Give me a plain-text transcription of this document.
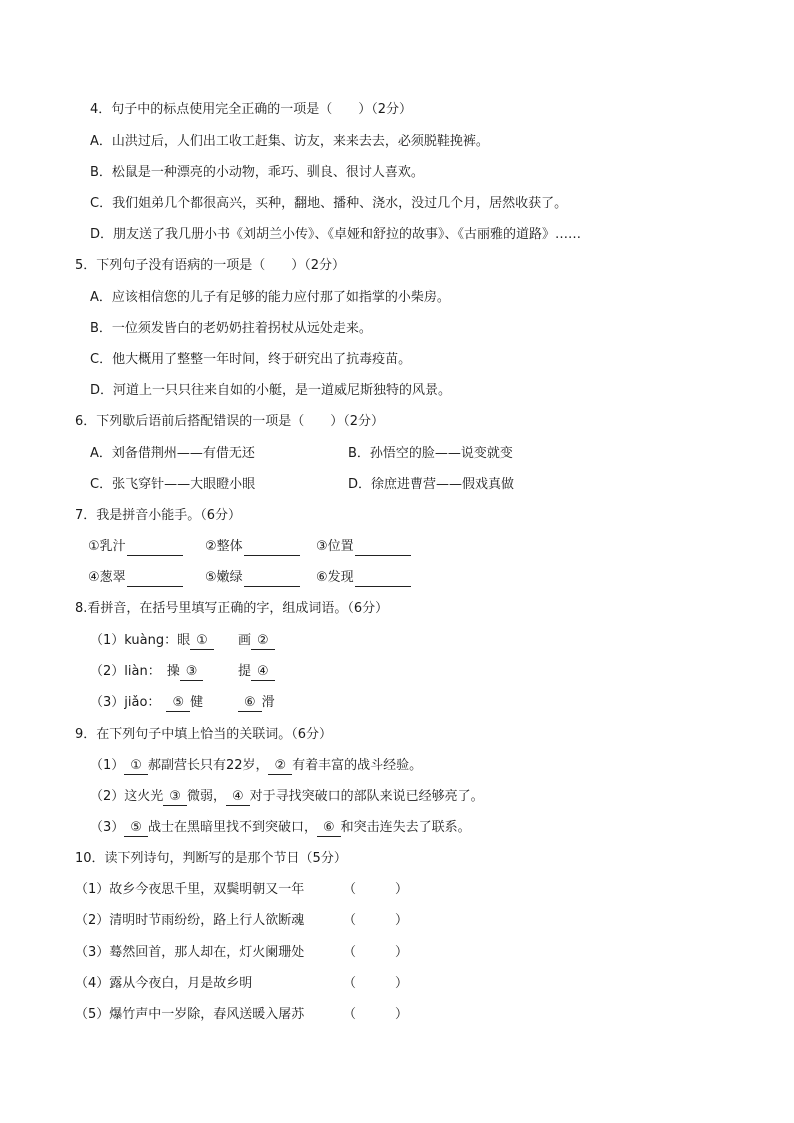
4．句子中的标点使用完全正确的一项是（　　）（2分）
A．山洪过后，人们出工收工赶集、访友，来来去去，必须脱鞋挽裤。
B．松鼠是一种漂亮的小动物，乖巧、驯良、很讨人喜欢。
C．我们姐弟几个都很高兴，买种，翻地、播种、浇水，没过几个月，居然收获了。
D．朋友送了我几册小书《刘胡兰小传》、《卓娅和舒拉的故事》、《古丽雅的道路》……
5．下列句子没有语病的一项是（　　）（2分）
A．应该相信您的儿子有足够的能力应付那了如指掌的小柴房。
B．一位须发皆白的老奶奶拄着拐杖从远处走来。
C．他大概用了整整一年时间，终于研究出了抗毒疫苗。
D．河道上一只只往来自如的小艇，是一道威尼斯独特的风景。
6．下列歇后语前后搭配错误的一项是（　　）（2分）
A．刘备借荆州——有借无还	B．孙悟空的脸——说变就变
C．张飞穿针——大眼瞪小眼	D．徐庶进曹营——假戏真做
7．我是拼音小能手。（6分）
①乳汁	②整体	③位置
④葱翠	⑤嫩绿	⑥发现
8.看拼音，在括号里填写正确的字，组成词语。（6分）
（1）kuàng：眼 ①	画 ②
（2）liàn： 操 ③	提 ④
（3）jiǎo： ⑤ 健	⑥ 滑
9．在下列句子中填上恰当的关联词。（6分）
（1） ① 郝副营长只有22岁， ② 有着丰富的战斗经验。
（2）这火光 ③ 微弱， ④ 对于寻找突破口的部队来说已经够亮了。
（3） ⑤ 战士在黑暗里找不到突破口， ⑥ 和突击连失去了联系。
10．读下列诗句，判断写的是那个节日（5分）
（1）故乡今夜思千里，双鬓明朝又一年	（　　　）
（2）清明时节雨纷纷，路上行人欲断魂	（　　　）
（3）蓦然回首，那人却在，灯火阑珊处	（　　　）
（4）露从今夜白，月是故乡明	（　　　）
（5）爆竹声中一岁除，春风送暖入屠苏	（　　　）
